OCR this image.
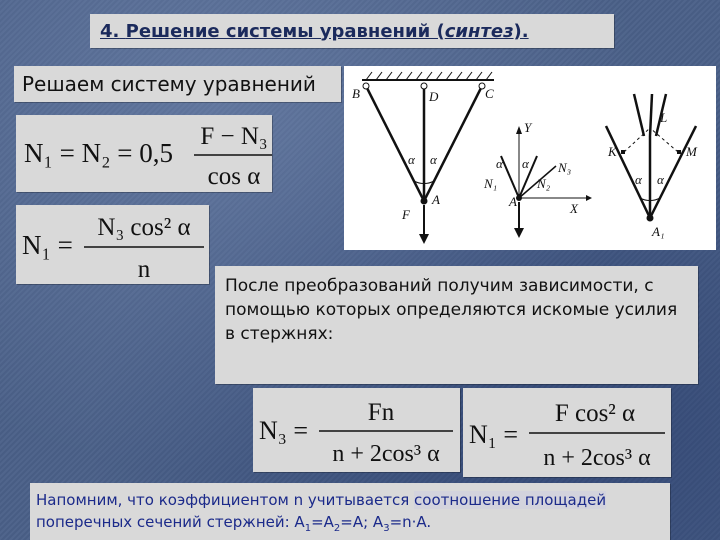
4. Решение системы уравнений (синтез).
Решаем систему уравнений
N₁ = N₂ = 0,5
F − N₃
cos α
N₁ =
N₃ cos² α
n
α α
B	D	C
A
F
Y
X
α α
N₁	N₂
N₃
A
α α
K	M
L
A₁
После преобразований получим зависимости, с помощью которых определяются искомые усилия в стержнях:
N₃ =
Fn
n + 2cos³ α
N₁ =
F cos² α
n + 2cos³ α
Напомним, что коэффициентом n учитывается соотношение площадей
поперечных сечений стержней: $A_1=A_2=A$; $A_3=n\cdot A$.
